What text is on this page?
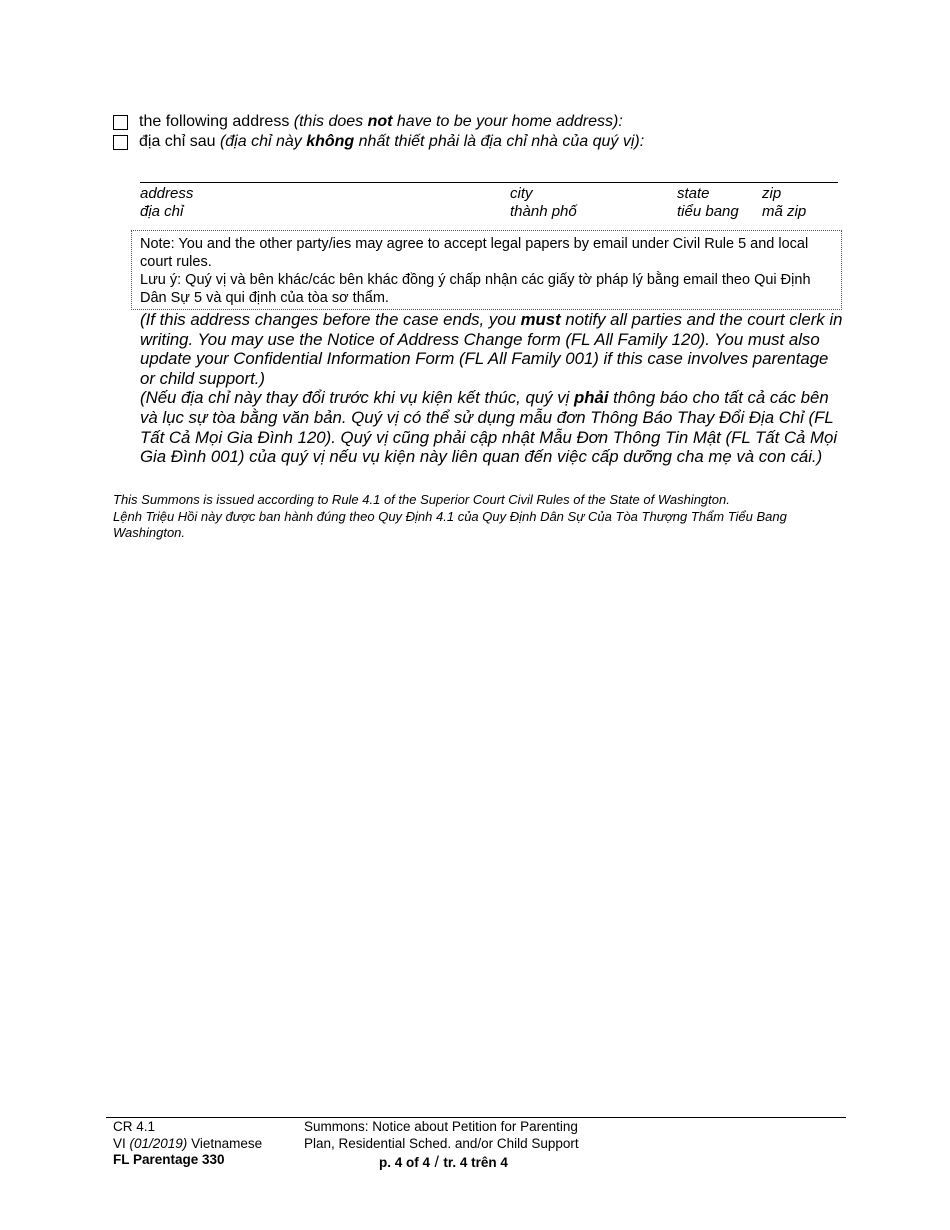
the following address (this does not have to be your home address):
địa chỉ sau (địa chỉ này không nhất thiết phải là địa chỉ nhà của quý vị):
address
địa chỉ
city
thành phố
state
tiểu bang
zip
mã zip
Note: You and the other party/ies may agree to accept legal papers by email under Civil Rule 5 and local court rules.
Lưu ý: Quý vị và bên khác/các bên khác đồng ý chấp nhận các giấy tờ pháp lý bằng email theo Qui Định Dân Sự 5 và qui định của tòa sơ thẩm.
(If this address changes before the case ends, you must notify all parties and the court clerk in writing. You may use the Notice of Address Change form (FL All Family 120). You must also update your Confidential Information Form (FL All Family 001) if this case involves parentage or child support.)
(Nếu địa chỉ này thay đổi trước khi vụ kiện kết thúc, quý vị phải thông báo cho tất cả các bên và lục sự tòa bằng văn bản. Quý vị có thể sử dụng mẫu đơn Thông Báo Thay Đổi Địa Chỉ (FL Tất Cả Mọi Gia Đình 120). Quý vị cũng phải cập nhật Mẫu Đơn Thông Tin Mật (FL Tất Cả Mọi Gia Đình 001) của quý vị nếu vụ kiện này liên quan đến việc cấp dưỡng cha mẹ và con cái.)
This Summons is issued according to Rule 4.1 of the Superior Court Civil Rules of the State of Washington.
Lệnh Triệu Hồi này được ban hành đúng theo Quy Định 4.1 của Quy Định Dân Sự Của Tòa Thượng Thẩm Tiểu Bang Washington.
CR 4.1
VI (01/2019) Vietnamese
FL Parentage 330
Summons: Notice about Petition for Parenting
Plan, Residential Sched. and/or Child Support
p. 4 of 4 / tr. 4 trên 4
